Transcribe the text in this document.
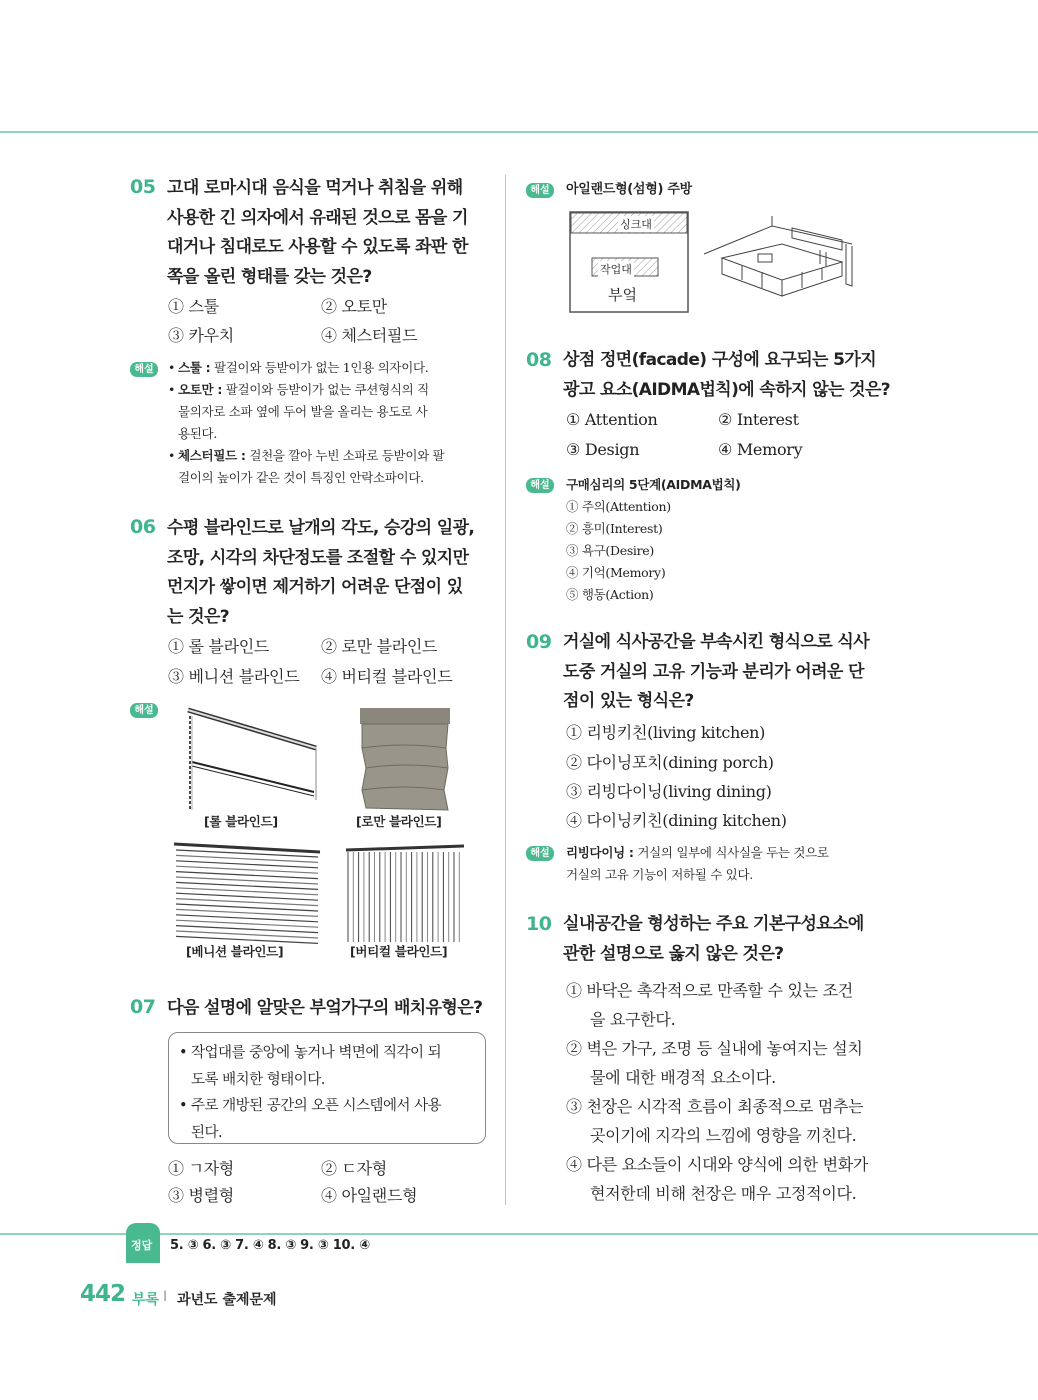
05 고대 로마시대 음식을 먹거나 취침을 위해
사용한 긴 의자에서 유래된 것으로 몸을 기
대거나 침대로도 사용할 수 있도록 좌판 한
쪽을 올린 형태를 갖는 것은?
① 스툴	② 오토만
③ 카우치	④ 체스터필드
해설	• 스툴 : 팔걸이와 등받이가 없는 1인용 의자이다.
• 오토만 : 팔걸이와 등받이가 없는 쿠션형식의 직
물의자로 소파 옆에 두어 발을 올리는 용도로 사
용된다.
• 체스터필드 : 걸천을 깔아 누빈 소파로 등받이와 팔
걸이의 높이가 같은 것이 특징인 안락소파이다.
06 수평 블라인드로 날개의 각도, 승강의 일광,
조망, 시각의 차단정도를 조절할 수 있지만
먼지가 쌓이면 제거하기 어려운 단점이 있
는 것은?
① 롤 블라인드	② 로만 블라인드
③ 베니션 블라인드 ④ 버티컬 블라인드
해설
[롤 블라인드]	[로만 블라인드]
[베니션 블라인드]	[버티컬 블라인드]
07 다음 설명에 알맞은 부엌가구의 배치유형은?
• 작업대를 중앙에 놓거나 벽면에 직각이 되
도록 배치한 형태이다.
• 주로 개방된 공간의 오픈 시스템에서 사용
된다.
① ㄱ자형	② ㄷ자형
③ 병렬형	④ 아일랜드형
해설	아일랜드형(섬형) 주방
싱크대
작업대
부엌
08 상점 정면(facade) 구성에 요구되는 5가지
광고 요소(AIDMA법칙)에 속하지 않는 것은?
① Attention	② Interest
③ Design	④ Memory
해설	구매심리의 5단계(AIDMA법칙)
① 주의(Attention)
② 흥미(Interest)
③ 욕구(Desire)
④ 기억(Memory)
⑤ 행동(Action)
09 거실에 식사공간을 부속시킨 형식으로 식사
도중 거실의 고유 기능과 분리가 어려운 단
점이 있는 형식은?
① 리빙키친(living kitchen)
② 다이닝포치(dining porch)
③ 리빙다이닝(living dining)
④ 다이닝키친(dining kitchen)
해설	리빙다이닝 : 거실의 일부에 식사실을 두는 것으로
거실의 고유 기능이 저하될 수 있다.
10 실내공간을 형성하는 주요 기본구성요소에
관한 설명으로 옳지 않은 것은?
① 바닥은 촉각적으로 만족할 수 있는 조건
을 요구한다.
② 벽은 가구, 조명 등 실내에 놓여지는 설치
물에 대한 배경적 요소이다.
③ 천장은 시각적 흐름이 최종적으로 멈추는
곳이기에 지각의 느낌에 영향을 끼친다.
④ 다른 요소들이 시대와 양식에 의한 변화가
현저한데 비해 천장은 매우 고정적이다.
정답 5. ③ 6. ③ 7. ④ 8. ③ 9. ③ 10. ④
442 부록 I 과년도 출제문제
